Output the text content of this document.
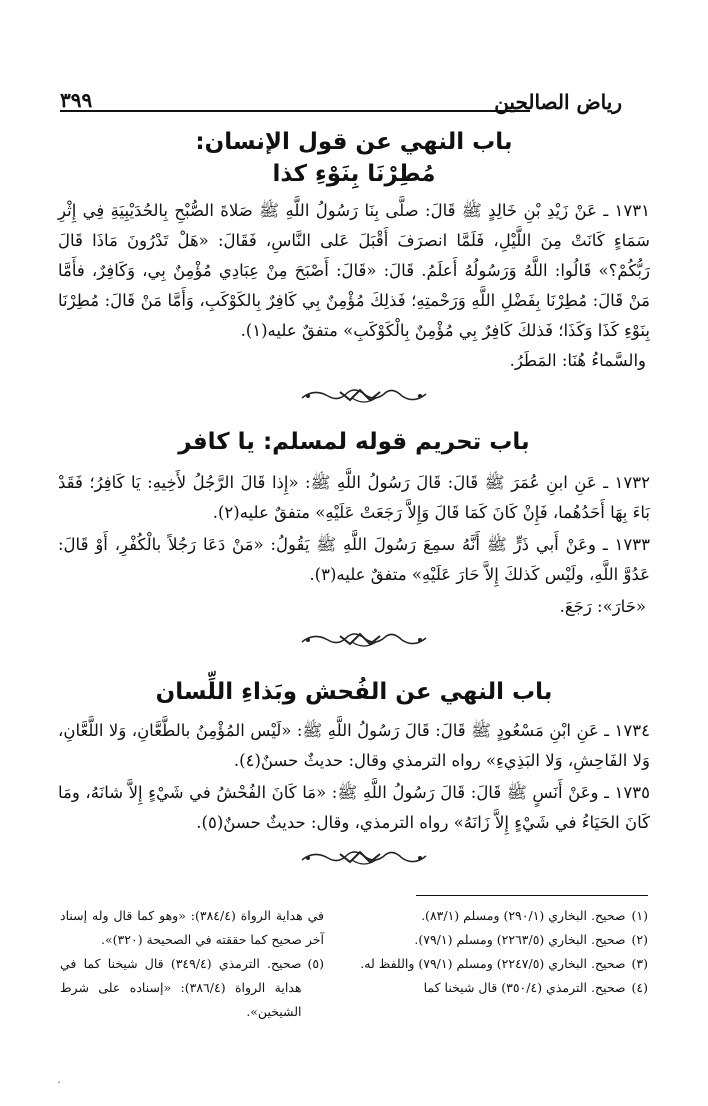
رياض الصالحين
٣٩٩
باب النهي عن قول الإنسان:
مُطِرْنَا بِنَوْءِ كذا
١٧٣١ ـ عَنْ زَيْدِ بْنِ خَالِدٍ ﷺ قَالَ: صلَّى بِنَا رَسُولُ اللَّهِ ﷺ صَلاةَ الصُّبْحِ بِالحُدَيْبِيَةِ فِي إِثْرِ سَمَاءٍ كَانَتْ مِنَ اللَّيْلِ، فَلَمَّا انصرَفَ أَقْبَلَ عَلى النَّاسِ، فَقَالَ: «هَلْ تَدْرُونَ مَاذَا قَالَ رَبُّكُمْ؟» قَالُوا: اللَّهُ وَرَسُولُهُ أَعلَمُ. قَالَ: «قَالَ: أَصْبَحَ مِنْ عِبَادِي مُؤْمِنٌ بِي، وَكَافِرٌ، فأَمَّا مَنْ قَالَ: مُطِرْنَا بِفَضْلِ اللَّهِ وَرَحْمتِهِ؛ فَذلِكَ مُؤْمِنٌ بِي كَافِرٌ بِالكَوْكَبِ، وَأَمَّا مَنْ قَالَ: مُطِرْنَا بِنَوْءِ كَذَا وَكَذَا؛ فَذلكَ كَافِرٌ بِي مُؤْمِنٌ بِالْكَوْكَبِ» متفقٌ عليه(١).
والسَّماءُ هُنَا: المَطَرُ.
باب تحريم قوله لمسلم: يا كافر
١٧٣٢ ـ عَنِ ابنِ عُمَرَ ﷺ قَالَ: قَالَ رَسُولُ اللَّهِ ﷺ: «إِذا قَالَ الرَّجُلُ لأَخِيهِ: يَا كَافِرُ؛ فَقَدْ بَاءَ بِهَا أَحَدُهُما، فَإِنْ كَانَ كَمَا قَالَ وَإِلاَّ رَجَعَتْ عَلَيْهِ» متفقٌ عليه(٢).
١٧٣٣ ـ وعَنْ أَبي ذَرٍّ ﷺ أَنَّهُ سمِعَ رَسُولَ اللَّهِ ﷺ يَقُولُ: «مَنْ دَعَا رَجُلاً بالْكُفْرِ، أَوْ قَالَ: عَدُوَّ اللَّهِ، ولَيْس كَذلكَ إِلاَّ حَارَ عَلَيْهِ» متفقٌ عليه(٣).
«حَارَ»: رَجَعَ.
باب النهي عن الفُحش وبَذاءِ اللِّسان
١٧٣٤ ـ عَنِ ابْنِ مَسْعُودٍ ﷺ قَالَ: قَالَ رَسُولُ اللَّهِ ﷺ: «لَيْس المُؤْمِنُ بالطَّعَّانِ، وَلا اللَّعَّانِ، وَلا الفَاحِشِ، وَلا البَذِيءِ» رواه الترمذي وقال: حديثٌ حسنٌ(٤).
١٧٣٥ ـ وعَنْ أَنَسٍ ﷺ قَالَ: قَالَ رَسُولُ اللَّهِ ﷺ: «مَا كَانَ الفُحْشُ في شَيْءٍ إِلاَّ شانَهُ، ومَا كَانَ الحَيَاءُ في شَيْءٍ إِلاَّ زَانَهُ» رواه الترمذي، وقال: حديثٌ حسنٌ(٥).
(١)
صحيح. البخاري (٢٩٠/١) ومسلم (٨٣/١).
(٢)
صحيح. البخاري (٢٢٦٣/٥) ومسلم (٧٩/١).
(٣)
صحيح. البخاري (٢٢٤٧/٥) ومسلم (٧٩/١) واللفظ له.
(٤)
صحيح. الترمذي (٣٥٠/٤) قال شيخنا كما
في هداية الرواة (٣٨٤/٤): «وهو كما قال وله إسناد آخر صحيح كما حققته في الصحيحة (٣٢٠)».
(٥)
صحيح. الترمذي (٣٤٩/٤) قال شيخنا كما في هداية الرواة (٣٨٦/٤): «إسناده على شرط الشيخين».
′
